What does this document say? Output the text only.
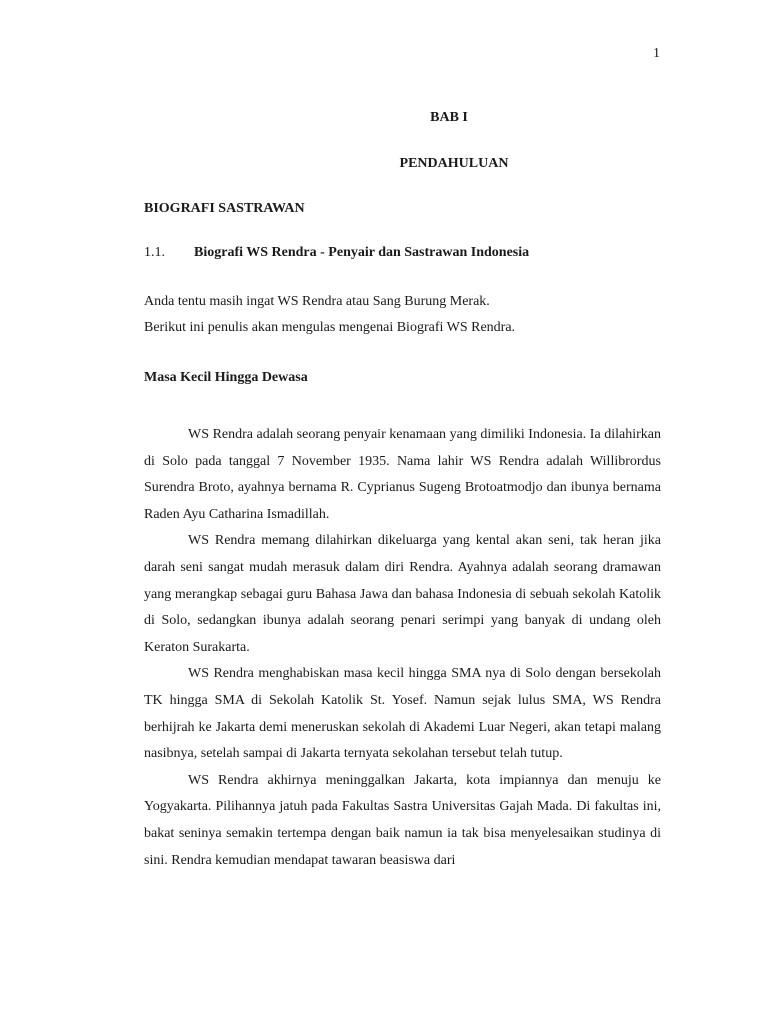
1
BAB I
PENDAHULUAN
BIOGRAFI SASTRAWAN
1.1. Biografi WS Rendra - Penyair dan Sastrawan Indonesia
Anda tentu masih ingat WS Rendra atau Sang Burung Merak. Berikut ini penulis akan mengulas mengenai Biografi WS Rendra.
Masa Kecil Hingga Dewasa

WS Rendra adalah seorang penyair kenamaan yang dimiliki Indonesia. Ia dilahirkan di Solo pada tanggal 7 November 1935. Nama lahir WS Rendra adalah Willibrordus Surendra Broto, ayahnya bernama R. Cyprianus Sugeng Brotoatmodjo dan ibunya bernama Raden Ayu Catharina Ismadillah.

WS Rendra memang dilahirkan dikeluarga yang kental akan seni, tak heran jika darah seni sangat mudah merasuk dalam diri Rendra. Ayahnya adalah seorang dramawan yang merangkap sebagai guru Bahasa Jawa dan bahasa Indonesia di sebuah sekolah Katolik di Solo, sedangkan ibunya adalah seorang penari serimpi yang banyak di undang oleh Keraton Surakarta.

WS Rendra menghabiskan masa kecil hingga SMA nya di Solo dengan bersekolah TK hingga SMA di Sekolah Katolik St. Yosef. Namun sejak lulus SMA, WS Rendra berhijrah ke Jakarta demi meneruskan sekolah di Akademi Luar Negeri, akan tetapi malang nasibnya, setelah sampai di Jakarta ternyata sekolahan tersebut telah tutup.

WS Rendra akhirnya meninggalkan Jakarta, kota impiannya dan menuju ke Yogyakarta. Pilihannya jatuh pada Fakultas Sastra Universitas Gajah Mada. Di fakultas ini, bakat seninya semakin tertempa dengan baik namun ia tak bisa menyelesaikan studinya di sini. Rendra kemudian mendapat tawaran beasiswa dari
